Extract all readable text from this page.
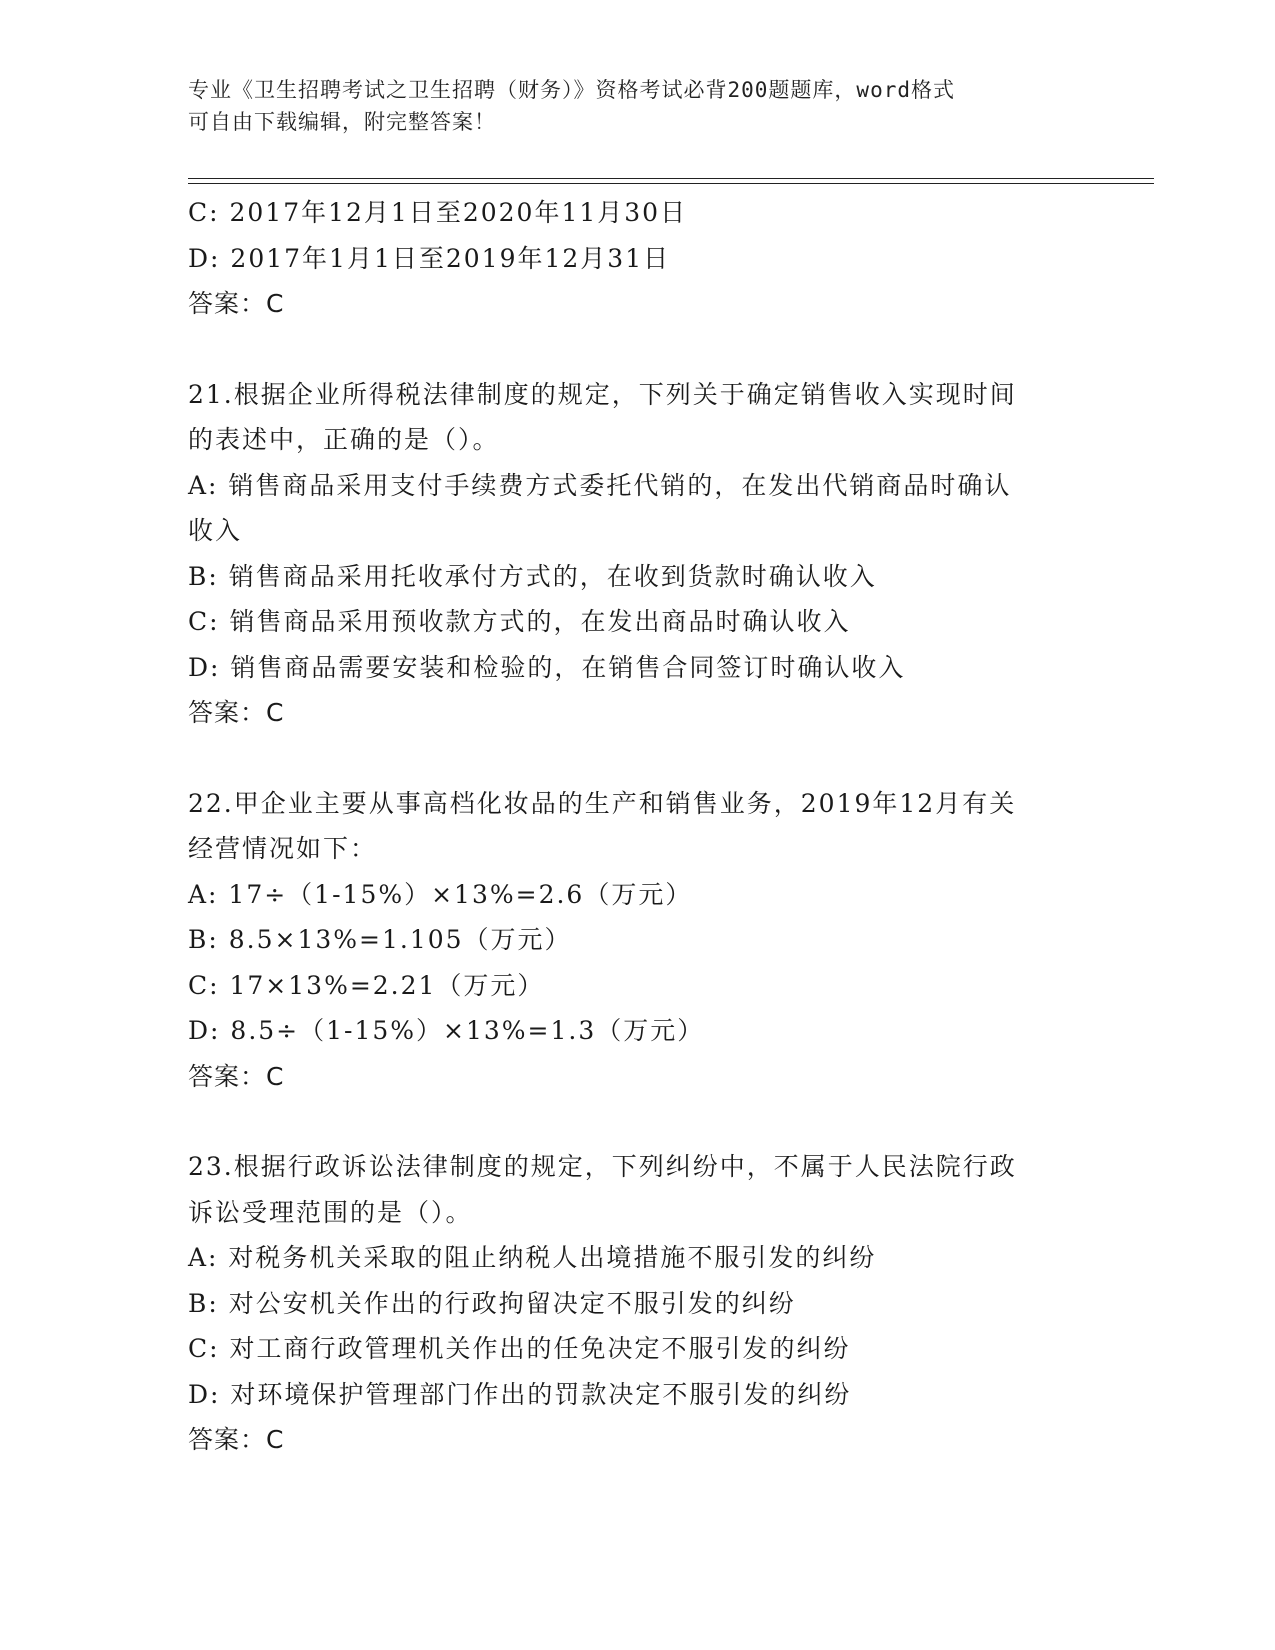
专业《卫生招聘考试之卫生招聘（财务）》资格考试必背200题题库，word格式
可自由下载编辑，附完整答案！
C: 2017年12月1日至2020年11月30日
D: 2017年1月1日至2019年12月31日
答案：C
21.根据企业所得税法律制度的规定，下列关于确定销售收入实现时间
的表述中，正确的是（）。
A: 销售商品采用支付手续费方式委托代销的，在发出代销商品时确认
收入
B: 销售商品采用托收承付方式的，在收到货款时确认收入
C: 销售商品采用预收款方式的，在发出商品时确认收入
D: 销售商品需要安装和检验的，在销售合同签订时确认收入
答案：C
22.甲企业主要从事高档化妆品的生产和销售业务，2019年12月有关
经营情况如下：
A: 17÷（1-15%）×13%=2.6（万元）
B: 8.5×13%=1.105（万元）
C: 17×13%=2.21（万元）
D: 8.5÷（1-15%）×13%=1.3（万元）
答案：C
23.根据行政诉讼法律制度的规定，下列纠纷中，不属于人民法院行政
诉讼受理范围的是（）。
A: 对税务机关采取的阻止纳税人出境措施不服引发的纠纷
B: 对公安机关作出的行政拘留决定不服引发的纠纷
C: 对工商行政管理机关作出的任免决定不服引发的纠纷
D: 对环境保护管理部门作出的罚款决定不服引发的纠纷
答案：C
